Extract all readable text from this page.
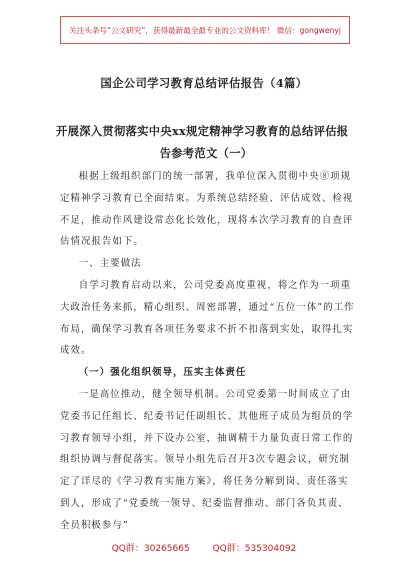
关注头条号“公文研究”，获得最新最全最专业的公文资料库！ 微信：gongwenyj
国企公司学习教育总结评估报告（4篇）
开展深入贯彻落实中央xx规定精神学习教育的总结评估报
告参考范文（一）

根据上级组织部门的统一部署，我单位深入贯彻中央⑧项规定精神学习教育已全面结束。为系统总结经验、评估成效、检视不足，推动作风建设常态化长效化，现将本次学习教育的自查评估情况报告如下。

一、主要做法

自学习教育启动以来，公司党委高度重视，将之作为一项重大政治任务来抓，精心组织、周密部署，通过“五位一体”的工作布局，确保学习教育各项任务要求不折不扣落到实处，取得扎实成效。

（一）强化组织领导，压实主体责任

一是高位推动，健全领导机制。公司党委第一时间成立了由党委书记任组长、纪委书记任副组长、其他班子成员为组员的学习教育领导小组，并下设办公室，抽调精干力量负责日常工作的组织协调与督促落实。领导小组先后召开3次专题会议，研究制定了详尽的《学习教育实施方案》，将任务分解到岗、责任落实到人，形成了“党委统一领导、纪委监督推动、部门各负其责、全员积极参与”

QQ群：30265665	QQ群：535304092
